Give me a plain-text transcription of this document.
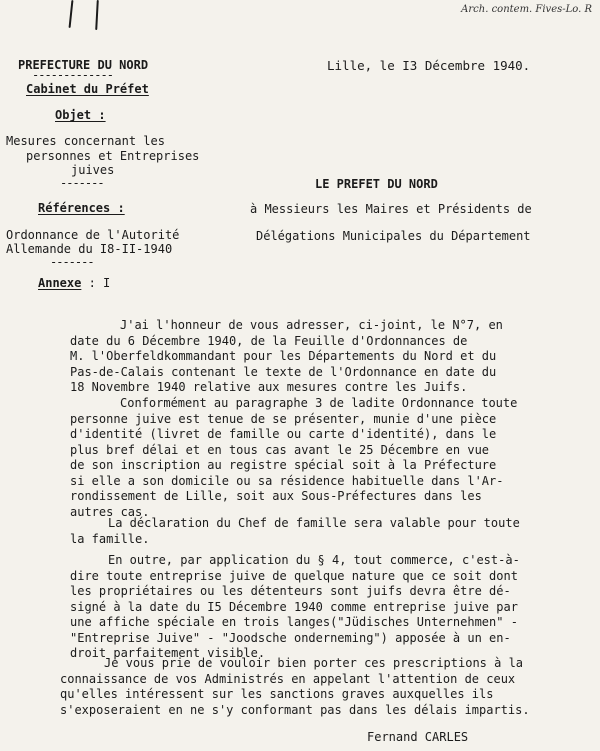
Arch. contem. Fives-Lo. R
PREFECTURE DU NORD
-------------
Cabinet du Préfet
Lille, le I3 Décembre 1940.
Objet :
Mesures concernant les
personnes et Entreprises
juives
-------	LE PREFET DU NORD
à Messieurs les Maires et Présidents de
Délégations Municipales du Département
Références :
Ordonnance de l'Autorité
Allemande du I8-II-1940
-------
Annexe : I
J'ai l'honneur de vous adresser, ci-joint, le N°7, en
date du 6 Décembre 1940, de la Feuille d'Ordonnances de
M. l'Oberfeldkommandant pour les Départements du Nord et du
Pas-de-Calais contenant le texte de l'Ordonnance en date du
18 Novembre 1940 relative aux mesures contre les Juifs.
Conformément au paragraphe 3 de ladite Ordonnance toute
personne juive est tenue de se présenter, munie d'une pièce
d'identité (livret de famille ou carte d'identité), dans le
plus bref délai et en tous cas avant le 25 Décembre en vue
de son inscription au registre spécial soit à la Préfecture
si elle a son domicile ou sa résidence habituelle dans l'Ar-
rondissement de Lille, soit aux Sous-Préfectures dans les
autres cas.
La déclaration du Chef de famille sera valable pour toute
la famille.
En outre, par application du § 4, tout commerce, c'est-à-
dire toute entreprise juive de quelque nature que ce soit dont
les propriétaires ou les détenteurs sont juifs devra être dé-
signé à la date du I5 Décembre 1940 comme entreprise juive par
une affiche spéciale en trois langes("Jüdisches Unternehmen" -
"Entreprise Juive" - "Joodsche onderneming") apposée à un en-
droit parfaitement visible.
Je vous prie de vouloir bien porter ces prescriptions à la
connaissance de vos Administrés en appelant l'attention de ceux
qu'elles intéressent sur les sanctions graves auxquelles ils
s'exposeraient en ne s'y conformant pas dans les délais impartis.
Fernand CARLES
